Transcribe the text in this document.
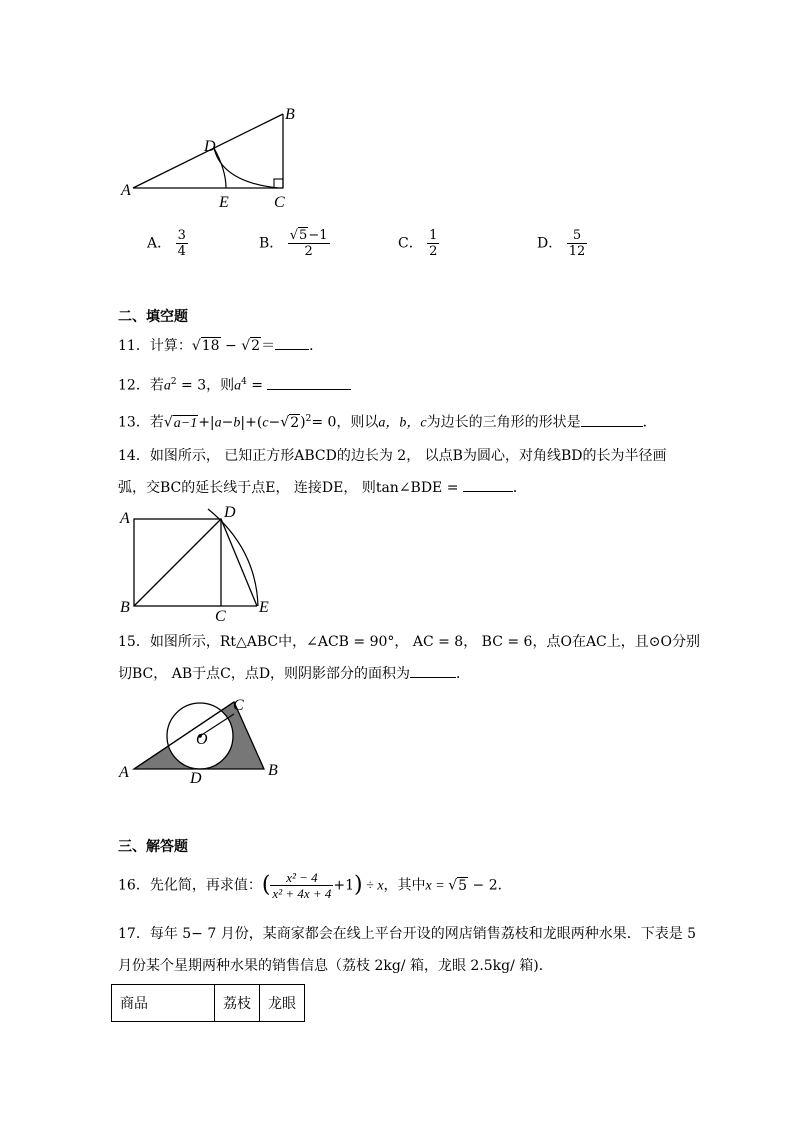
B
D
A
E	C
A． $\frac{3}{4}$	B． $\frac{√5-1}{2}$	C． $\frac{1}{2}$	D． $\frac{5}{12}$
二、填空题
11．计算：√18 − √2＝ ．
12．若$a^2 = 3$，则$a^4$ =
13．若$√a-1+|a-b|+(c-√2)^2= 0$，则以a，b，c为边长的三角形的形状是	．
14．如图所示， 已知正方形ABCD的边长为 2， 以点B为圆心，对角线BD的长为半径画
弧，交BC的延长线于点E， 连接DE， 则tan∠BDE =	．
A	D
B
C
E
15．如图所示，Rt△ABC中，∠ACB = 90°， AC = 8， BC = 6，点O在AC上，且⊙O分别
切BC， AB于点C，点D，则阴影部分的面积为	．
C
O
A	D	B
三、解答题
16．先化简，再求值：( $\frac{\text{x² − 4}}{\text{x² + 4x + 4}} +1) \div x$，其中x = √5 − 2．
17．每年 5− 7 月份，某商家都会在线上平台开设的网店销售荔枝和龙眼两种水果．下表是 5
月份某个星期两种水果的销售信息（荔枝 2kg/ 箱，龙眼 2.5kg/ 箱)．
商品	荔枝	龙眼
